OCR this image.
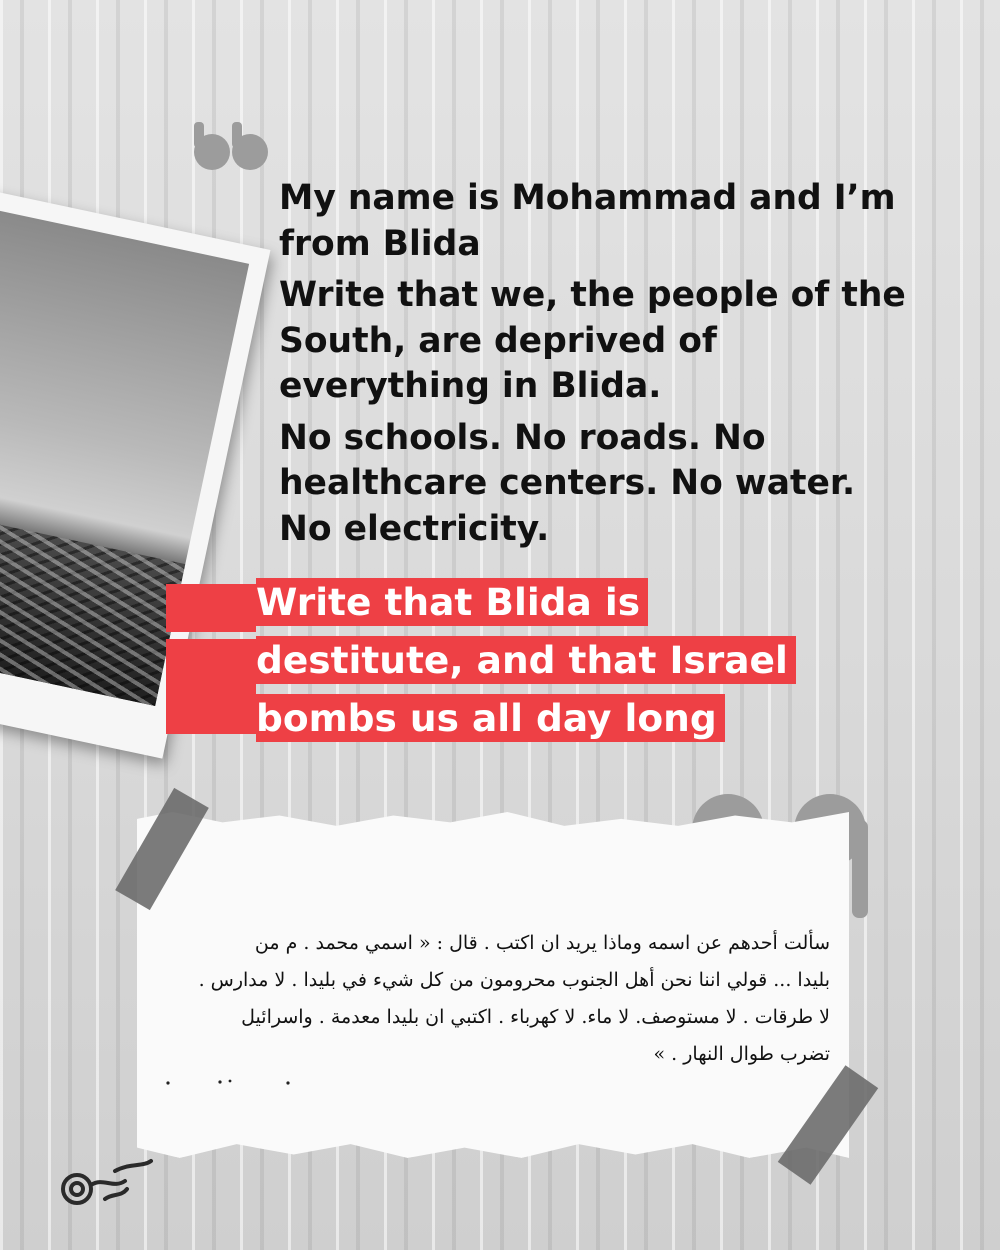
My name is Mohammad and I’m from Blida

Write that we, the people of the South, are deprived of everything in Blida.

No schools. No roads. No healthcare centers. No water. No electricity.

Write that Blida is
destitute, and that Israel
bombs us all day long

سألت أحدهم عن اسمه وماذا يريد ان اكتب . قال : « اسمي محمد . م من

بليدا ... قولي اننا نحن أهل الجنوب محرومون من كل شيء في بليدا . لا مدارس .

لا طرقات . لا مستوصف. لا ماء. لا كهرباء . اكتبي ان بليدا معدمة . واسرائيل

تضرب طوال النهار . »
